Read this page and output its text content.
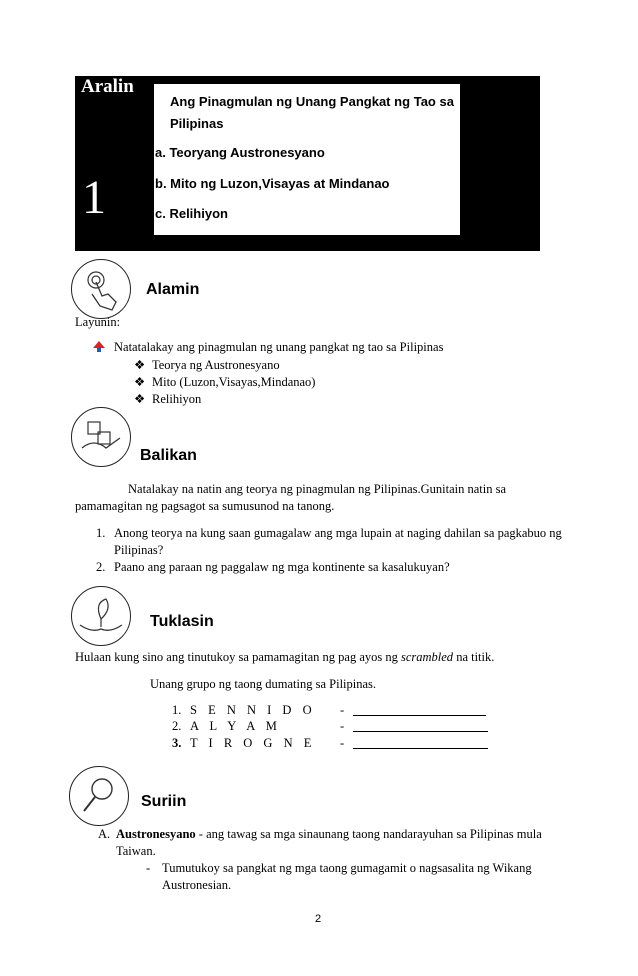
Aralin
1
Ang Pinagmulan ng Unang Pangkat ng Tao sa Pilipinas
a. Teoryang Austronesyano
b. Mito ng Luzon,Visayas at Mindanao
c. Relihiyon
Alamin
Layunin:
Natatalakay ang pinagmulan ng unang pangkat ng tao sa Pilipinas
❖ Teorya ng Austronesyano
❖ Mito (Luzon,Visayas,Mindanao)
❖ Relihiyon
Balikan
Natalakay na natin ang teorya ng pinagmulan ng Pilipinas.Gunitain natin sa
pamamagitan ng pagsagot sa sumusunod na tanong.
1. Anong teorya na kung saan gumagalaw ang mga lupain at naging dahilan sa pagkabuo ng
Pilipinas?
2. Paano ang paraan ng paggalaw ng mga kontinente sa kasalukuyan?
Tuklasin
Hulaan kung sino ang tinutukoy sa pamamagitan ng pag ayos ng scrambled na titik.
Unang grupo ng taong dumating sa Pilipinas.
1. S E N N I D O -
2. A L Y A M	-
3. T I R O G N E -
Suriin
A. Austronesyano - ang tawag sa mga sinaunang taong nandarayuhan sa Pilipinas mula
Taiwan.
- Tumutukoy sa pangkat ng mga taong gumagamit o nagsasalita ng Wikang
Austronesian.
2
